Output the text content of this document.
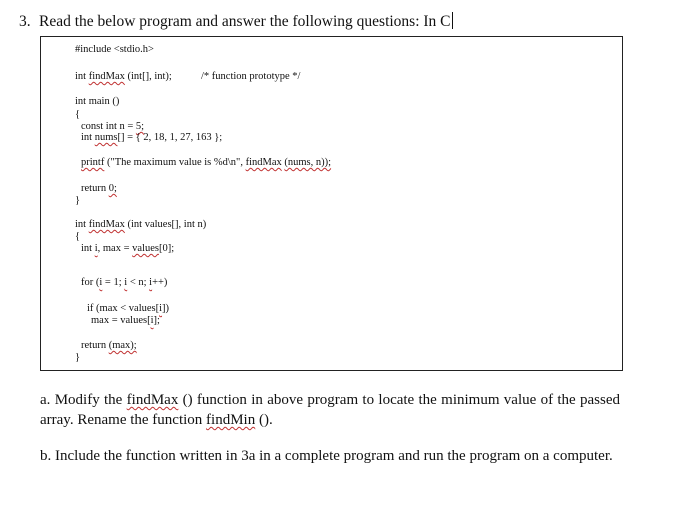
3. Read the below program and answer the following questions: In C
#include <stdio.h>
int findMax (int[], int);	/* function prototype */
int main ()
{
const int n = 5;
int nums[] = { 2, 18, 1, 27, 163 };
printf ("The maximum value is %d\n", findMax (nums, n));
return 0;
}
int findMax (int values[], int n)
{
int i, max = values[0];
for (i = 1; i < n; i++)
if (max < values[i])
max = values[i];
return (max);
}
a. Modify the findMax () function in above program to locate the minimum value of the passed array. Rename the function findMin ().
b. Include the function written in 3a in a complete program and run the program on a computer.
